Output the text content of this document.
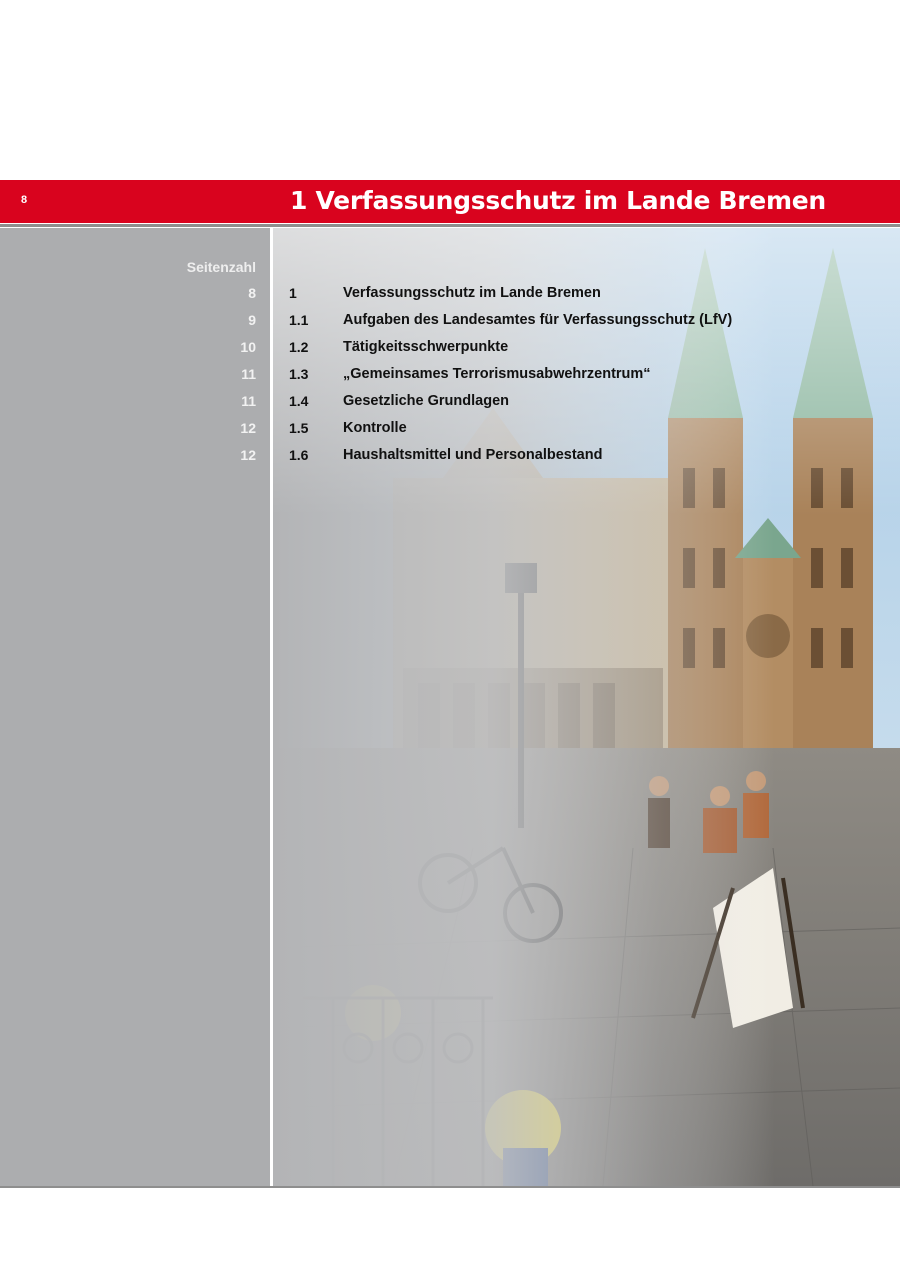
8	1 Verfassungsschutz im Lande Bremen
Seitenzahl
8 1	Verfassungsschutz im Lande Bremen
9 1.1 Aufgaben des Landesamtes für Verfassungsschutz (LfV)
10 1.2 Tätigkeitsschwerpunkte
11 1.3 „Gemeinsames Terrorismusabwehrzentrum“
11 1.4 Gesetzliche Grundlagen
12 1.5 Kontrolle
12 1.6 Haushaltsmittel und Personalbestand
